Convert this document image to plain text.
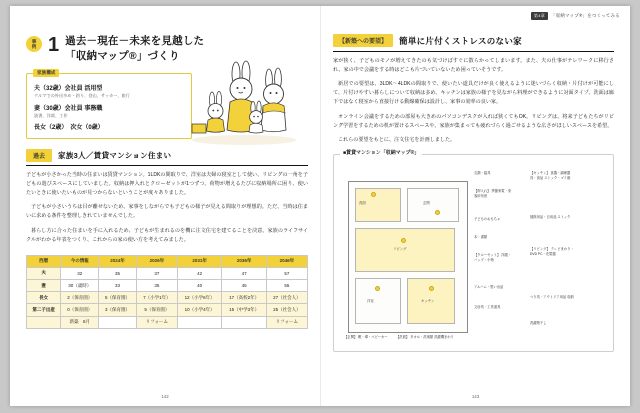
事
例 1 過去－現在－未来を見越した
「収納マップ®」づくり
家族構成
夫（32歳）会社員 活用型
クルマでの外出多め・釣り、登山、サッカー、旅行
妻（30歳）会社員 事務職
読書、洋裁、工作
長女（2歳）　次女（0歳）
過去	家族3人／賃貸マンション住まい

子どもが小さかった当時の住まいは賃貸マンション。1LDKの間取りで、洋室は夫婦の寝室として使い、リビングの一角を子どもの遊びスペースにしていました。収納は押入れとクローゼットが1つずつ。荷物が増えるたびに収納場所に困り、使いたいときに使いたいものが見つからないということが度々ありました。

子どもが小さいうちは目が離せないため、家事をしながらでも子どもの様子が見える間取りが理想的。ただ、当時は住まいに求める条件を整理しきれていませんでした。

暮らし方に合った住まいを手に入れるため、子どもが生まれるのを機に注文住宅を建てることを決意。家族のライフサイクルがわかる年表をつくり、これからの家の使い方を考えてみました。

西暦	今の情報	2024年	2026年	2031年	2036年	2046年
夫	32	35	37	42	47	57
妻	30（歳時）	33	35	40	45	55
長女	2（保育園）	5（保育園）	7（小学1年）	12（小学6年）	17（高校2年）	27（社会人）
第二子出産	0（保育園）	3（保育園）	5（保育園）	10（小学4年）	15（中学3年）	25（社会人）
	新築　6月		リフォーム			リフォーム
142
第4章	「収納マップ®」をつくってみる
【新築への要望】	簡単に片付くストレスのない家

家が狭く、子どものモノが増えてきたのも気づけばすぐに散らかってしまいます。また、夫の仕事がテレワークに移行され、家の中で会議をする時はどこも片づいていないため困っていそうです。

新居での要望は、3LDK〜4LDKの間取りで、使いたい道具だけが良く使えるように迷いづらく収納・片付けが可能にして、片付けやすい暮らしについて収納は多め、キッチンは家族の様子を見ながら料理ができるように対面タイプ、洗面は廊下ではなく寝室から直接行ける動線確保は設計し、家事の効率の良い家。

オンライン会議をするための部屋も大きめのパソコンデスクが入れば狭くてもOK。リビングは、将来子どもたちがリビング学習をするための机が置けるスペースや、家族が集まっても疲れづらく過ごせるような広さがほしいスペースを希望。

これらの要望をもとに、注文住宅を計画しました。

■賃貸マンション「収納マップ®」
洗面	玄関
リビング
洋室	キッチン
【玄関】 靴・傘・ベビーカー	【洗面】 タオル・洗剤類 洗濯機まわり
衣類・寝具
【押入れ】 季節家電・来客用布団
子どものおもちゃ
本・書類
【クローゼット】 洋服・バッグ・小物
アルバム・思い出品
文房具・工作道具
【キッチン】 食器・調理器具・食品 ストック・ゴミ箱
掃除用品・日用品 ストック
【リビング】 テレビまわり・DVD PC・充電器
つり具・アウトドア用品 収納
洗濯物干し
143
